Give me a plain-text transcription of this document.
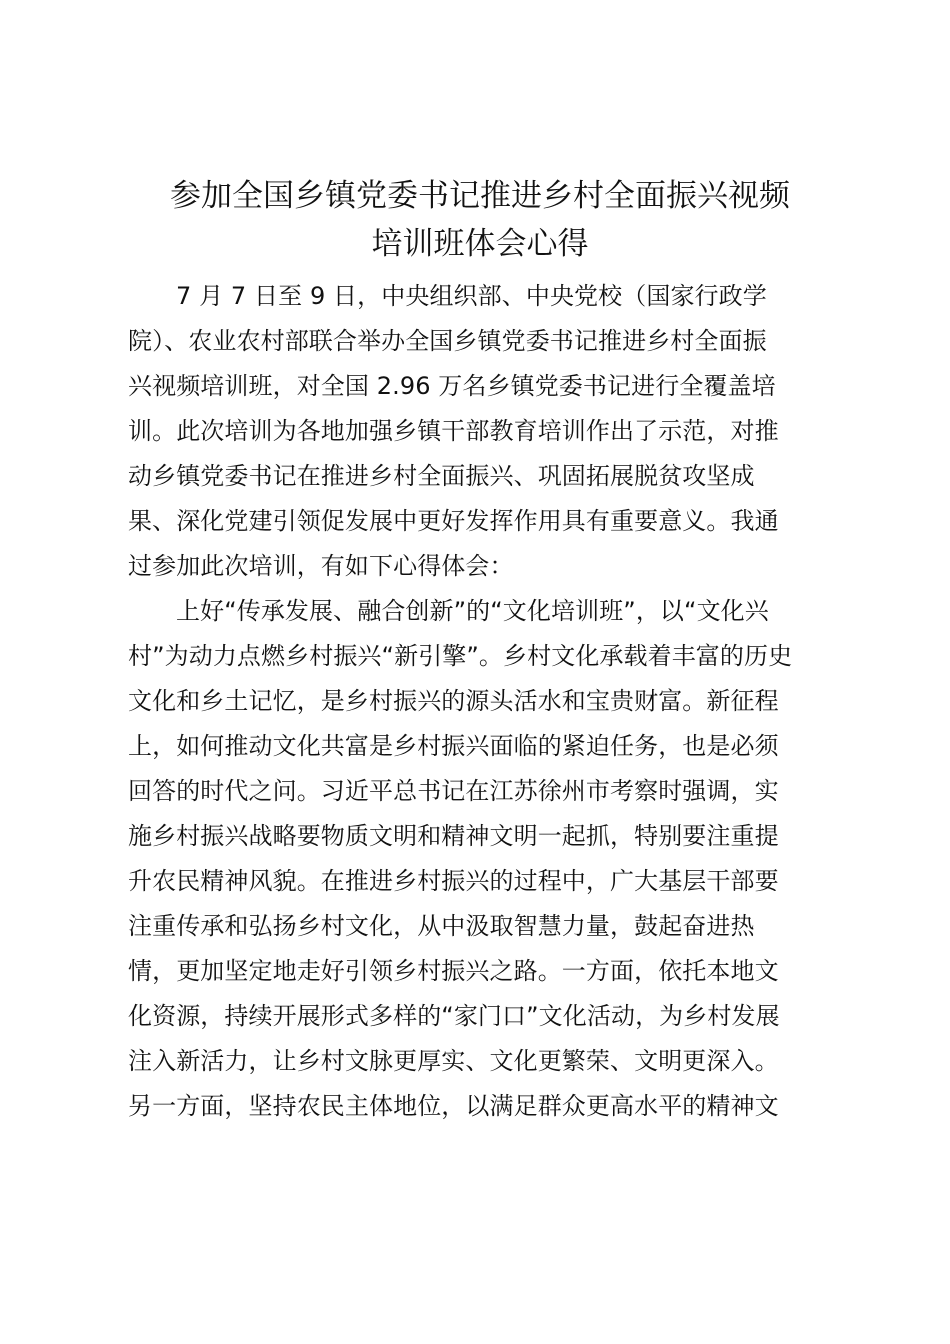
参加全国乡镇党委书记推进乡村全面振兴视频
培训班体会心得
7 月 7 日至 9 日，中央组织部、中央党校（国家行政学
院）、农业农村部联合举办全国乡镇党委书记推进乡村全面振
兴视频培训班，对全国 2.96 万名乡镇党委书记进行全覆盖培
训。此次培训为各地加强乡镇干部教育培训作出了示范，对推
动乡镇党委书记在推进乡村全面振兴、巩固拓展脱贫攻坚成
果、深化党建引领促发展中更好发挥作用具有重要意义。我通
过参加此次培训，有如下心得体会：
上好“传承发展、融合创新”的“文化培训班”，以“文化兴
村”为动力点燃乡村振兴“新引擎”。乡村文化承载着丰富的历史
文化和乡土记忆，是乡村振兴的源头活水和宝贵财富。新征程
上，如何推动文化共富是乡村振兴面临的紧迫任务，也是必须
回答的时代之问。习近平总书记在江苏徐州市考察时强调，实
施乡村振兴战略要物质文明和精神文明一起抓，特别要注重提
升农民精神风貌。在推进乡村振兴的过程中，广大基层干部要
注重传承和弘扬乡村文化，从中汲取智慧力量，鼓起奋进热
情，更加坚定地走好引领乡村振兴之路。一方面，依托本地文
化资源，持续开展形式多样的“家门口”文化活动，为乡村发展
注入新活力，让乡村文脉更厚实、文化更繁荣、文明更深入。
另一方面，坚持农民主体地位，以满足群众更高水平的精神文
